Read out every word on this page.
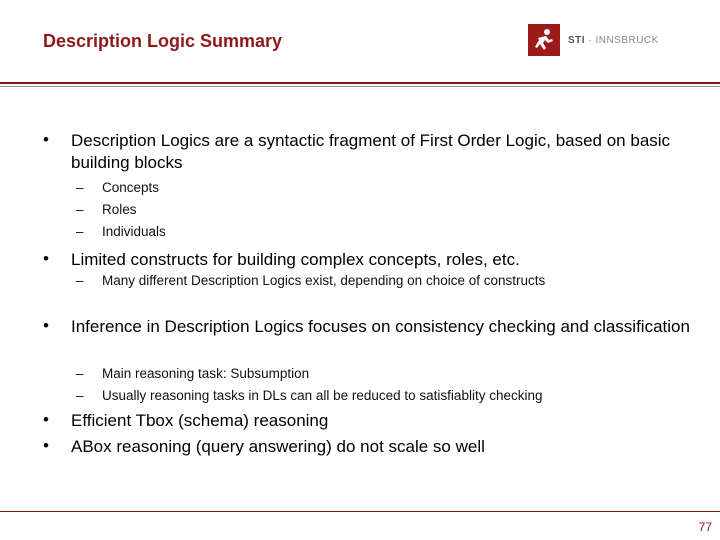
Description Logic Summary	STI · INNSBRUCK
• Description Logics are a syntactic fragment of First Order Logic, based on basic building blocks
– Concepts
– Roles
– Individuals
• Limited constructs for building complex concepts, roles, etc.
– Many different Description Logics exist, depending on choice of constructs
• Inference in Description Logics focuses on consistency checking and classification
– Main reasoning task: Subsumption
– Usually reasoning tasks in DLs can all be reduced to satisfiablity checking
• Efficient Tbox (schema) reasoning
• ABox reasoning (query answering) do not scale so well
77
